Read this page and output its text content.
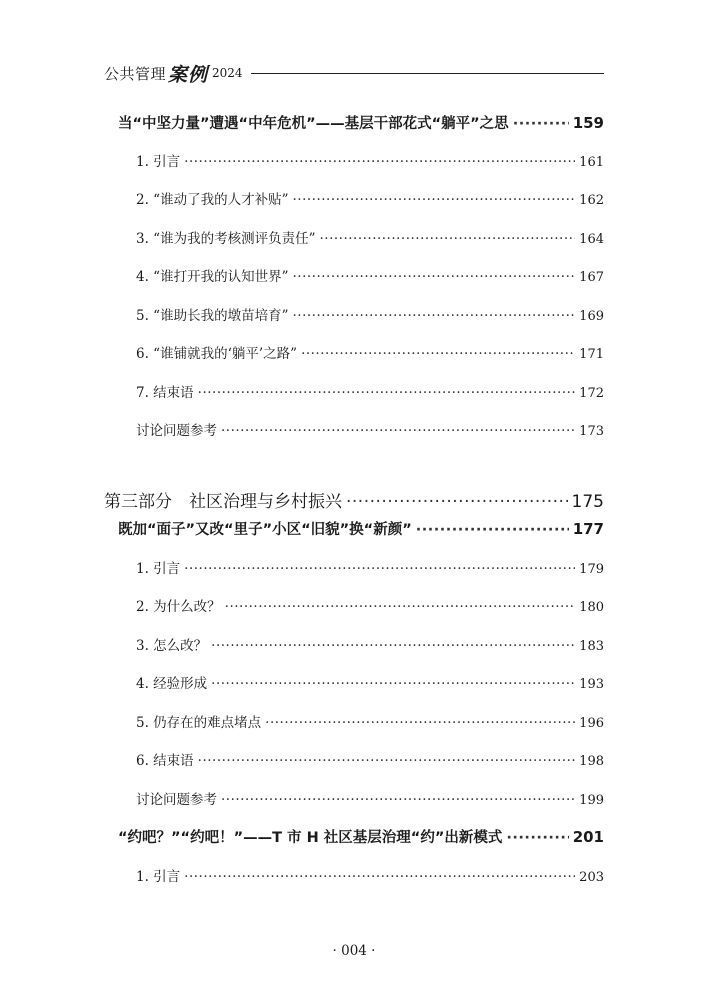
公共管理 案例 2024
当“中坚力量”遭遇“中年危机”——基层干部花式“躺平”之思 ·····	159
1. 引言 ·····	161
2. “谁动了我的人才补贴” ·····	162
3. “谁为我的考核测评负责任” ·····	164
4. “谁打开我的认知世界” ·····	167
5. “谁助长我的墩苗培育” ·····	169
6. “谁铺就我的‘躺平’之路” ·····	171
7. 结束语 ·····	172
讨论问题参考 ·····	173
第三部分　社区治理与乡村振兴 ·····	175
既加“面子”又改“里子”小区“旧貌”换“新颜” ·····	177
1. 引言 ·····	179
2. 为什么改？ ·····	180
3. 怎么改？ ·····	183
4. 经验形成 ·····	193
5. 仍存在的难点堵点 ·····	196
6. 结束语 ·····	198
讨论问题参考 ·····	199
“约吧？”“约吧！”——T 市 H 社区基层治理“约”出新模式 ·····	201
1. 引言 ·····	203
· 004 ·
